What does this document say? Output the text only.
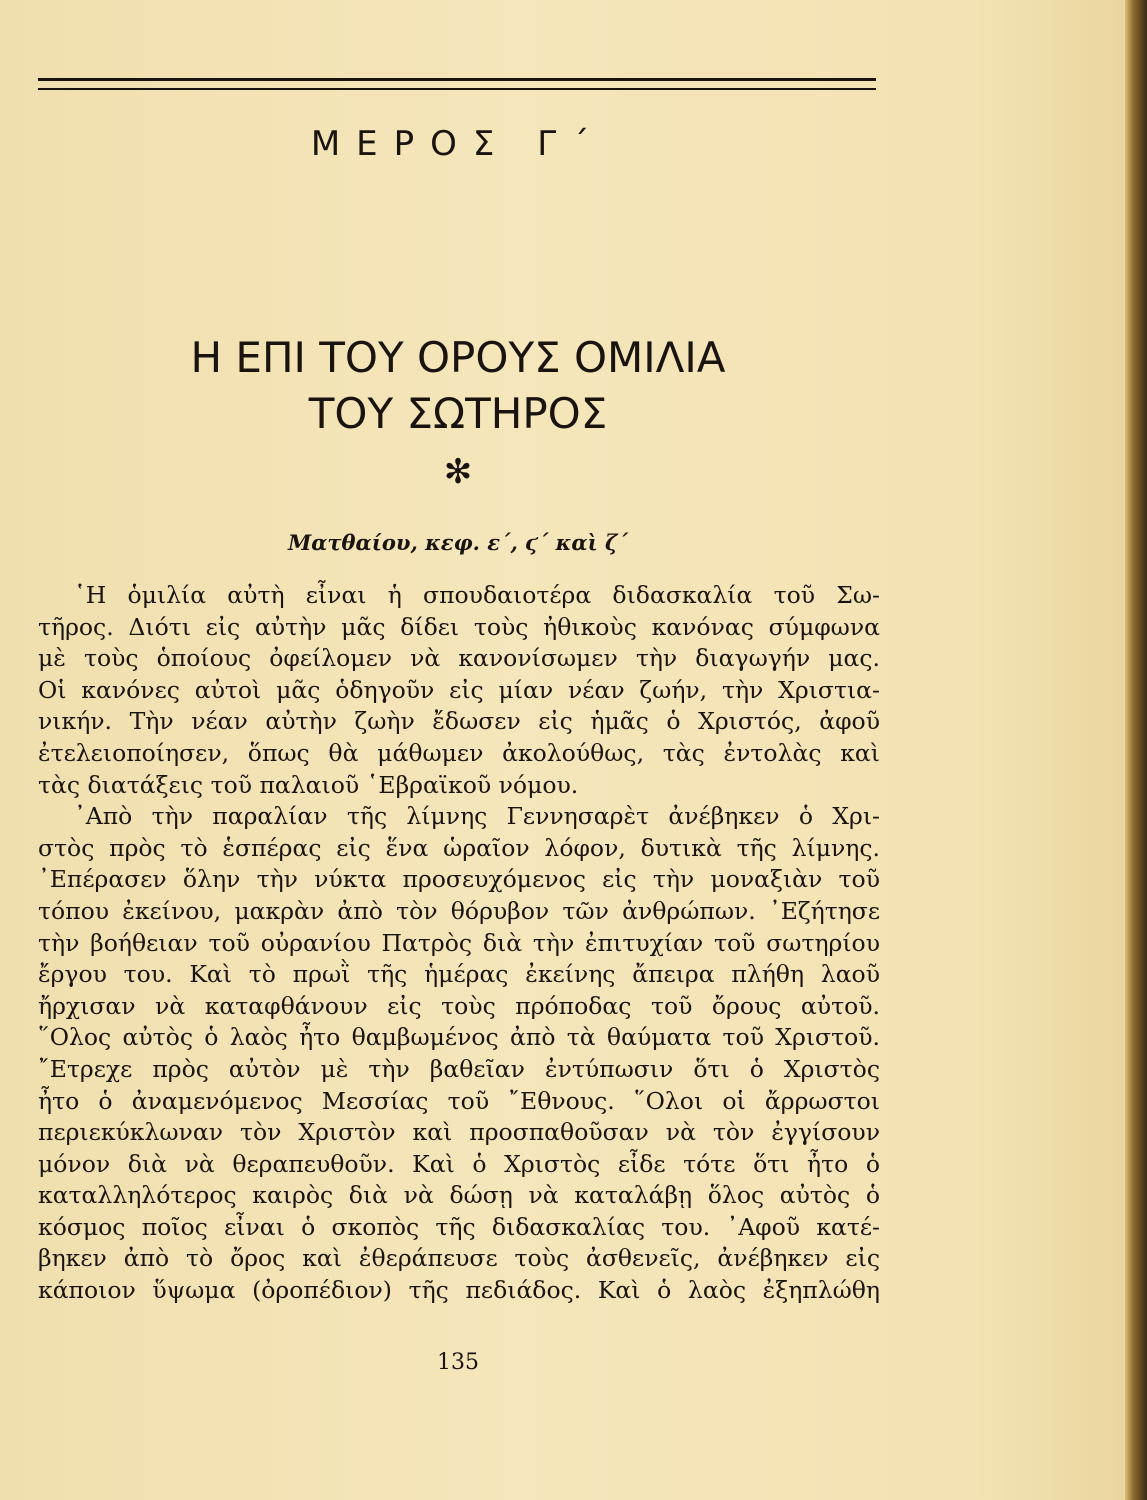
ΜΕΡΟΣ Γ΄
Η ΕΠΙ ΤΟΥ ΟΡΟΥΣ ΟΜΙΛΙΑ
ΤΟΥ ΣΩΤΗΡΟΣ
✻
Ματθαίου, κεφ. ε΄, ϛ΄ καὶ ζ΄
῾Η ὁμιλία αὐτὴ εἶναι ἡ σπουδαιοτέρα διδασκαλία τοῦ Σω-
τῆρος. Διότι εἰς αὐτὴν μᾶς δίδει τοὺς ἠθικοὺς κανόνας σύμφωνα
μὲ τοὺς ὁποίους ὀφείλομεν νὰ κανονίσωμεν τὴν διαγωγήν μας.
Οἱ κανόνες αὐτοὶ μᾶς ὁδηγοῦν εἰς μίαν νέαν ζωήν, τὴν Χριστια-
νικήν. Τὴν νέαν αὐτὴν ζωὴν ἔδωσεν εἰς ἡμᾶς ὁ Χριστός, ἀφοῦ
ἐτελειοποίησεν, ὅπως θὰ μάθωμεν ἀκολούθως, τὰς ἐντολὰς καὶ
τὰς διατάξεις τοῦ παλαιοῦ ῾Εβραϊκοῦ νόμου.
᾿Απὸ τὴν παραλίαν τῆς λίμνης Γεννησαρὲτ ἀνέβηκεν ὁ Χρι-
στὸς πρὸς τὸ ἑσπέρας εἰς ἕνα ὡραῖον λόφον, δυτικὰ τῆς λίμνης.
᾿Επέρασεν ὅλην τὴν νύκτα προσευχόμενος εἰς τὴν μοναξιὰν τοῦ
τόπου ἐκείνου, μακρὰν ἀπὸ τὸν θόρυβον τῶν ἀνθρώπων. ᾿Εζήτησε
τὴν βοήθειαν τοῦ οὐρανίου Πατρὸς διὰ τὴν ἐπιτυχίαν τοῦ σωτηρίου
ἔργου του. Καὶ τὸ πρωῒ τῆς ἡμέρας ἐκείνης ἄπειρα πλήθη λαοῦ
ἤρχισαν νὰ καταφθάνουν εἰς τοὺς πρόποδας τοῦ ὄρους αὐτοῦ.
῞Ολος αὐτὸς ὁ λαὸς ἦτο θαμβωμένος ἀπὸ τὰ θαύματα τοῦ Χριστοῦ.
῎Ετρεχε πρὸς αὐτὸν μὲ τὴν βαθεῖαν ἐντύπωσιν ὅτι ὁ Χριστὸς
ἦτο ὁ ἀναμενόμενος Μεσσίας τοῦ ῎Εθνους. ῞Ολοι οἱ ἄρρωστοι
περιεκύκλωναν τὸν Χριστὸν καὶ προσπαθοῦσαν νὰ τὸν ἐγγίσουν
μόνον διὰ νὰ θεραπευθοῦν. Καὶ ὁ Χριστὸς εἶδε τότε ὅτι ἦτο ὁ
καταλληλότερος καιρὸς διὰ νὰ δώσῃ νὰ καταλάβῃ ὅλος αὐτὸς ὁ
κόσμος ποῖος εἶναι ὁ σκοπὸς τῆς διδασκαλίας του. ᾿Αφοῦ κατέ-
βηκεν ἀπὸ τὸ ὄρος καὶ ἐθεράπευσε τοὺς ἀσθενεῖς, ἀνέβηκεν εἰς
κάποιον ὕψωμα (ὀροπέδιον) τῆς πεδιάδος. Καὶ ὁ λαὸς ἐξηπλώθη
135
